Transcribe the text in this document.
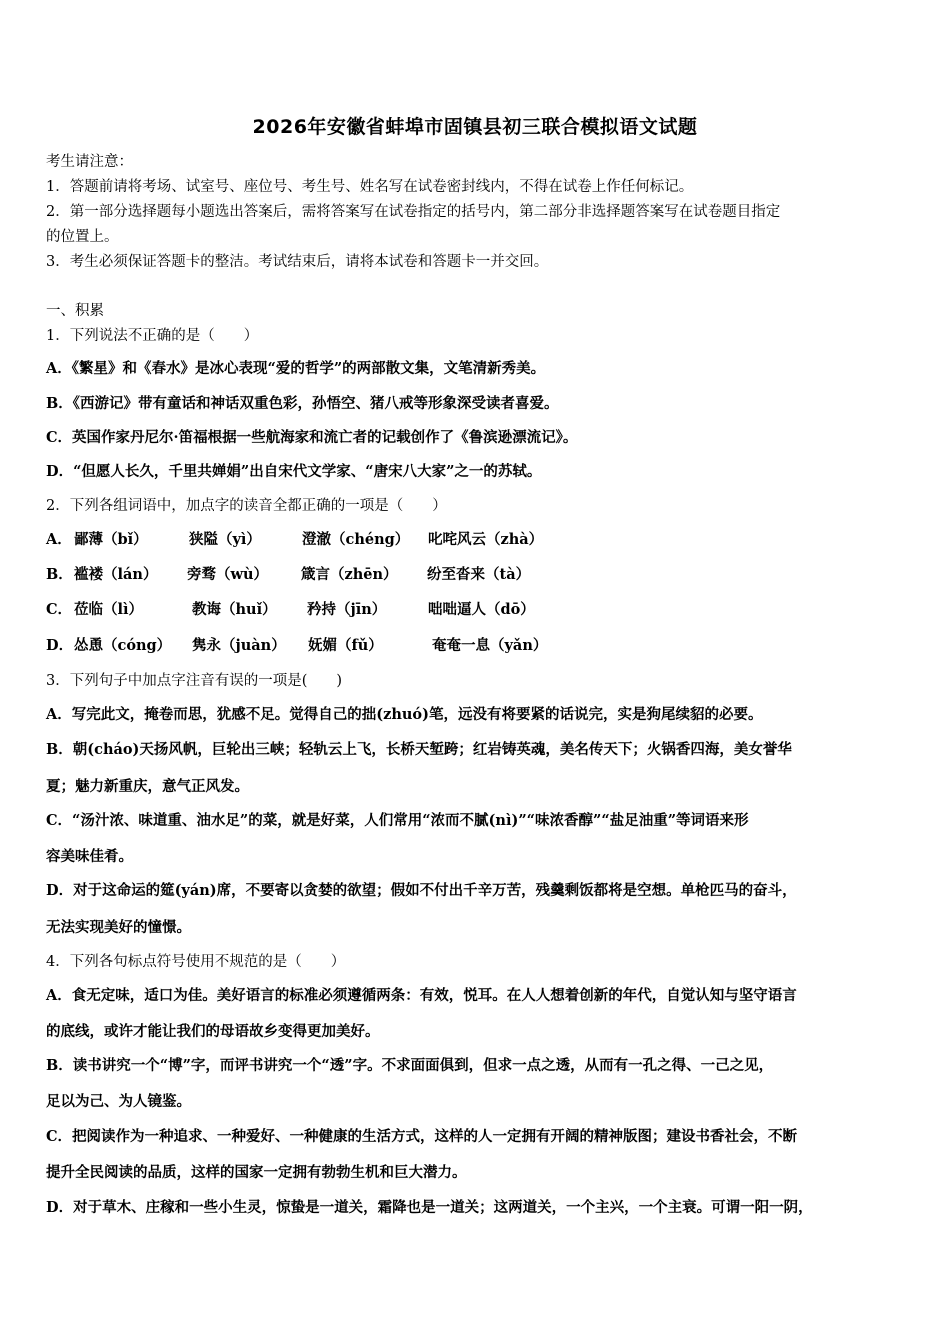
2026年安徽省蚌埠市固镇县初三联合模拟语文试题
考生请注意：
1．答题前请将考场、试室号、座位号、考生号、姓名写在试卷密封线内，不得在试卷上作任何标记。
2．第一部分选择题每小题选出答案后，需将答案写在试卷指定的括号内，第二部分非选择题答案写在试卷题目指定
的位置上。
3．考生必须保证答题卡的整洁。考试结束后，请将本试卷和答题卡一并交回。
一、积累
1．下列说法不正确的是（　　）
A．《繁星》和《春水》是冰心表现“爱的哲学”的两部散文集，文笔清新秀美。
B．《西游记》带有童话和神话双重色彩，孙悟空、猪八戒等形象深受读者喜爱。
C．英国作家丹尼尔·笛福根据一些航海家和流亡者的记载创作了《鲁滨逊漂流记》。
D．“但愿人长久，千里共婵娟”出自宋代文学家、“唐宋八大家”之一的苏轼。
2．下列各组词语中，加点字的读音全都正确的一项是（　　）
A． 鄙薄（bǐ）	狭隘（yì）	澄澈（chéng） 叱咤风云（zhà）
B． 褴褛（lán） 旁骛（wù） 箴言（zhēn） 纷至沓来（tà）
C． 莅临（lì）	教诲（huǐ） 矜持（jīn）	咄咄逼人（dō）
D． 怂恿（cóng） 隽永（juàn） 妩媚（fǔ）	奄奄一息（yǎn）
3．下列句子中加点字注音有误的一项是(　　)
A．写完此文，掩卷而思，犹感不足。觉得自己的拙(zhuó)笔，远没有将要紧的话说完，实是狗尾续貂的必要。
B．朝(cháo)天扬风帆，巨轮出三峡；轻轨云上飞，长桥天堑跨；红岩铸英魂，美名传天下；火锅香四海，美女誉华
夏；魅力新重庆，意气正风发。
C．“汤汁浓、味道重、油水足”的菜，就是好菜，人们常用“浓而不腻(nì)”“味浓香醇”“盐足油重”等词语来形
容美味佳肴。
D．对于这命运的筵(yán)席，不要寄以贪婪的欲望；假如不付出千辛万苦，残羹剩饭都将是空想。单枪匹马的奋斗，
无法实现美好的憧憬。
4．下列各句标点符号使用不规范的是（　　）
A．食无定味，适口为佳。美好语言的标准必须遵循两条：有效，悦耳。在人人想着创新的年代，自觉认知与坚守语言
的底线，或许才能让我们的母语故乡变得更加美好。
B．读书讲究一个“博”字，而评书讲究一个“透”字。不求面面俱到，但求一点之透，从而有一孔之得、一己之见，
足以为己、为人镜鉴。
C．把阅读作为一种追求、一种爱好、一种健康的生活方式，这样的人一定拥有开阔的精神版图；建设书香社会，不断
提升全民阅读的品质，这样的国家一定拥有勃勃生机和巨大潜力。
D．对于草木、庄稼和一些小生灵，惊蛰是一道关，霜降也是一道关；这两道关，一个主兴，一个主衰。可谓一阳一阴，
